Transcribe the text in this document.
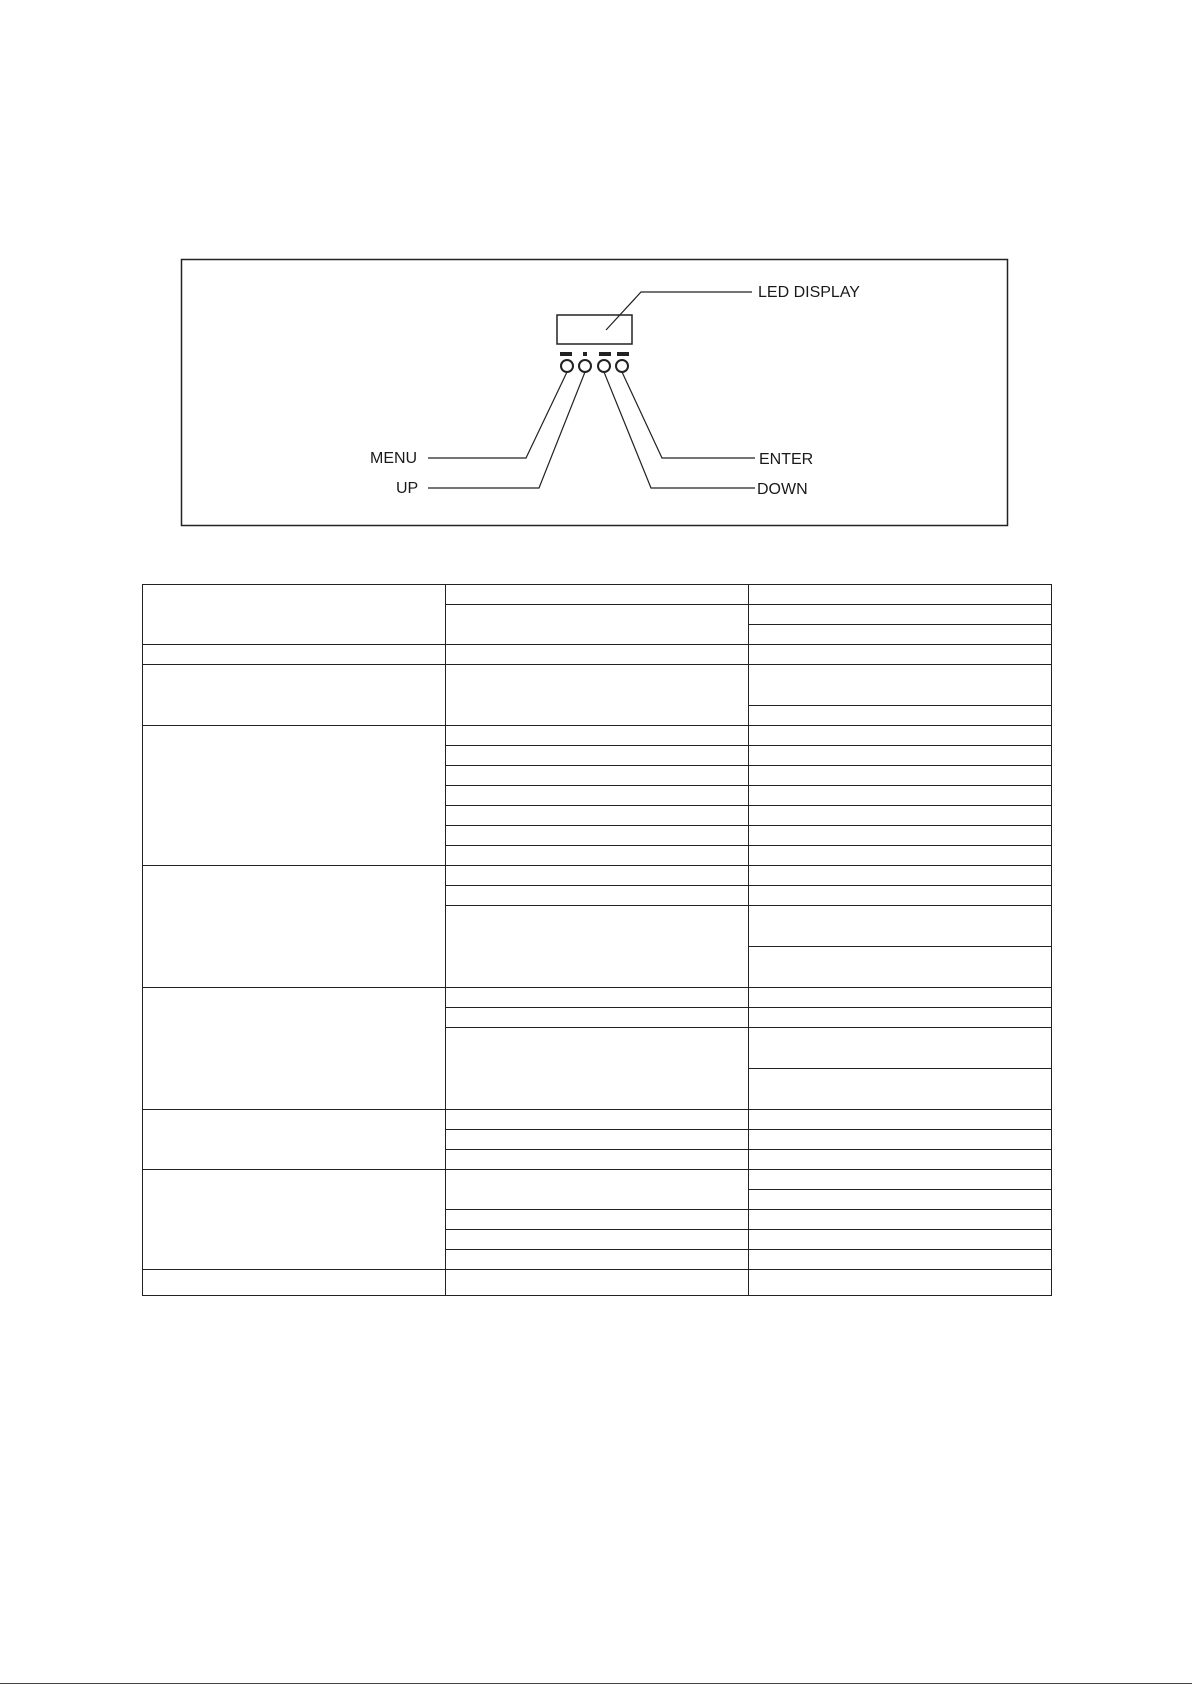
LED DISPLAY
MENU
UP
ENTER
DOWN
